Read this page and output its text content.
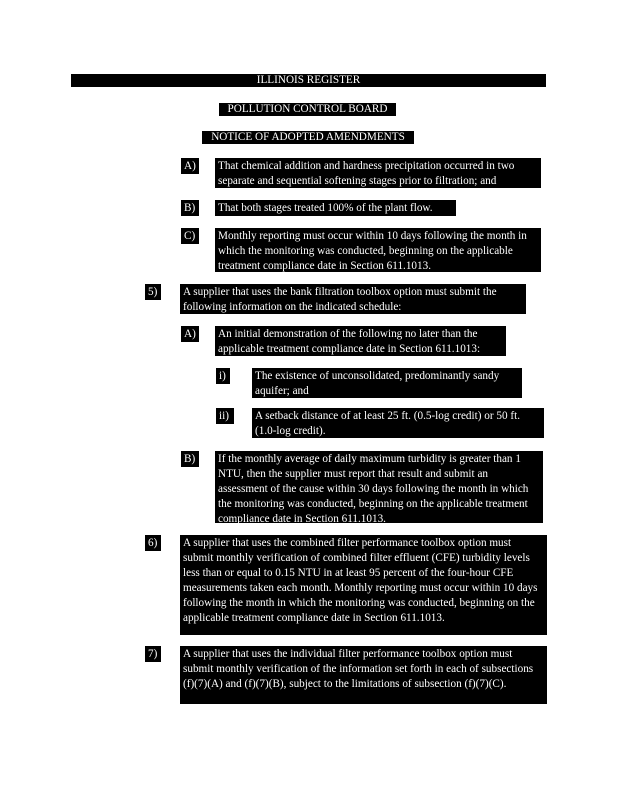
ILLINOIS REGISTER
POLLUTION CONTROL BOARD
NOTICE OF ADOPTED AMENDMENTS
A) That chemical addition and hardness precipitation occurred in two separate and sequential softening stages prior to filtration; and
B)	That both stages treated 100% of the plant flow.
C)	Monthly reporting must occur within 10 days following the month in which the monitoring was conducted, beginning on the applicable treatment compliance date in Section 611.1013.
5)	A supplier that uses the bank filtration toolbox option must submit the following information on the indicated schedule:
A) An initial demonstration of the following no later than the applicable treatment compliance date in Section 611.1013:
i)	The existence of unconsolidated, predominantly sandy aquifer; and
ii)	A setback distance of at least 25 ft. (0.5-log credit) or 50 ft. (1.0-log credit).
B)	If the monthly average of daily maximum turbidity is greater than 1 NTU, then the supplier must report that result and submit an assessment of the cause within 30 days following the month in which the monitoring was conducted, beginning on the applicable treatment compliance date in Section 611.1013.
6)	A supplier that uses the combined filter performance toolbox option must submit monthly verification of combined filter effluent (CFE) turbidity levels less than or equal to 0.15 NTU in at least 95 percent of the four-hour CFE measurements taken each month. Monthly reporting must occur within 10 days following the month in which the monitoring was conducted, beginning on the applicable treatment compliance date in Section 611.1013.
7)	A supplier that uses the individual filter performance toolbox option must submit monthly verification of the information set forth in each of subsections (f)(7)(A) and (f)(7)(B), subject to the limitations of subsection (f)(7)(C).
